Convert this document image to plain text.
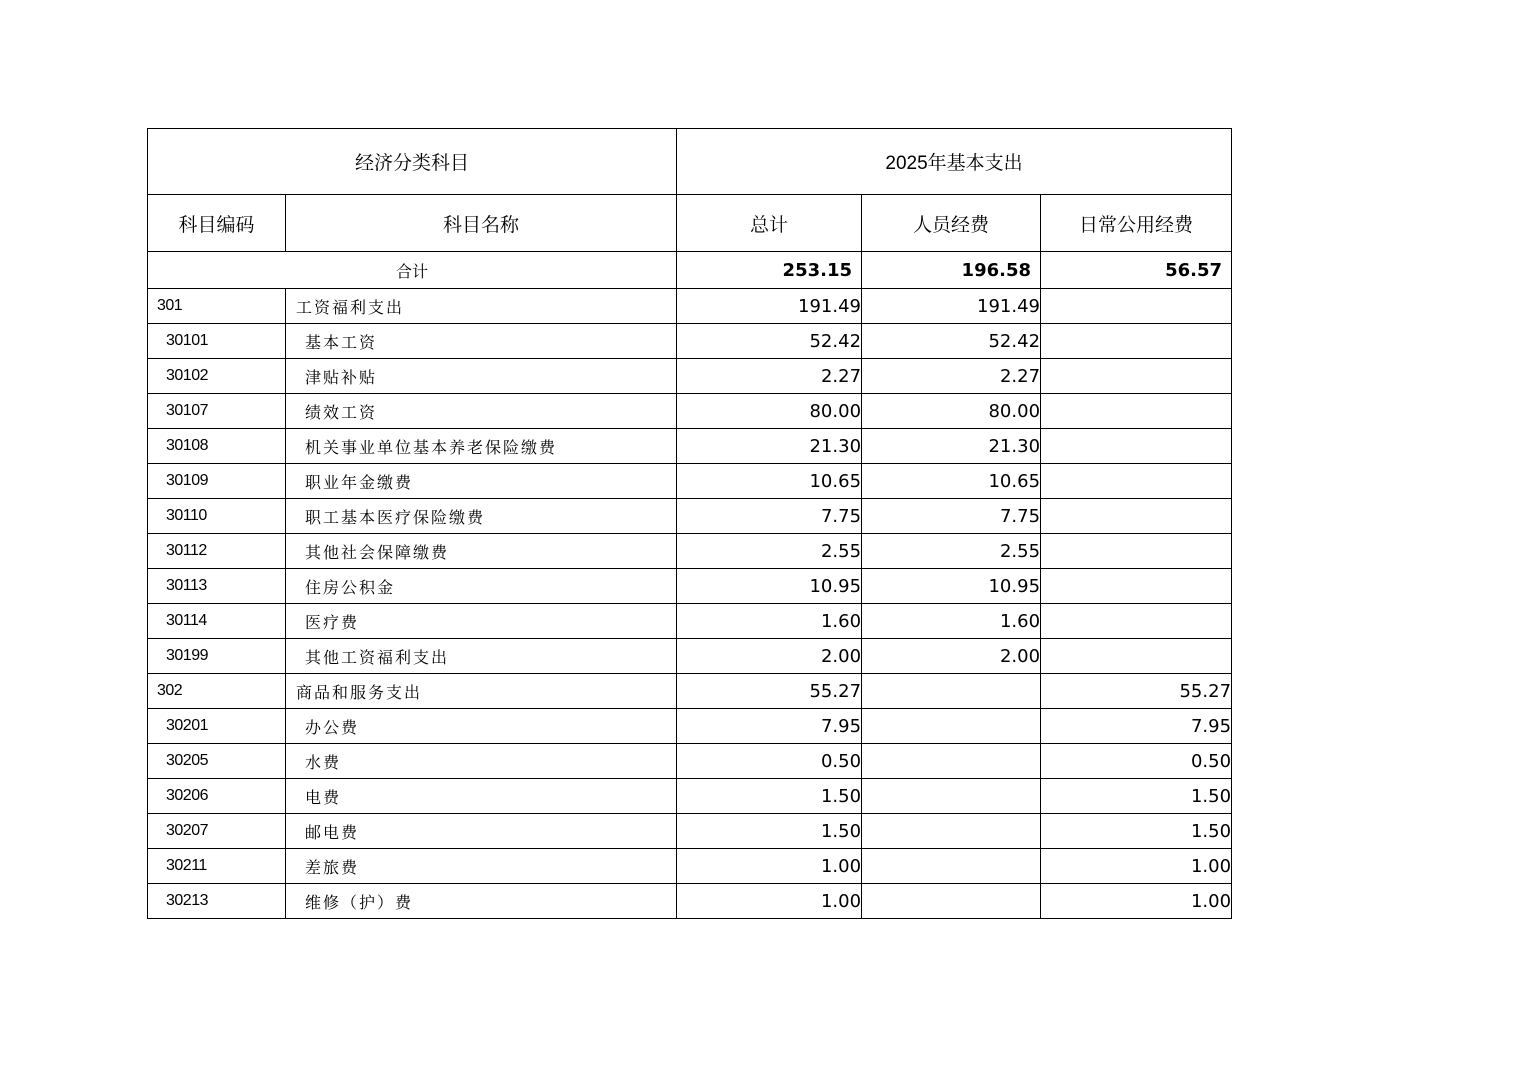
经济分类科目		2025年基本支出		
科目编码	科目名称	总计	人员经费	日常公用经费
合计		253.15	196.58	56.57
301	工资福利支出	191.49	191.49	
30101	基本工资	52.42	52.42	
30102	津贴补贴	2.27	2.27	
30107	绩效工资	80.00	80.00	
30108	机关事业单位基本养老保险缴费	21.30	21.30	
30109	职业年金缴费	10.65	10.65	
30110	职工基本医疗保险缴费	7.75	7.75	
30112	其他社会保障缴费	2.55	2.55	
30113	住房公积金	10.95	10.95	
30114	医疗费	1.60	1.60	
30199	其他工资福利支出	2.00	2.00	
302	商品和服务支出	55.27		55.27
30201	办公费	7.95		7.95
30205	水费	0.50		0.50
30206	电费	1.50		1.50
30207	邮电费	1.50		1.50
30211	差旅费	1.00		1.00
30213	维修（护）费	1.00		1.00
